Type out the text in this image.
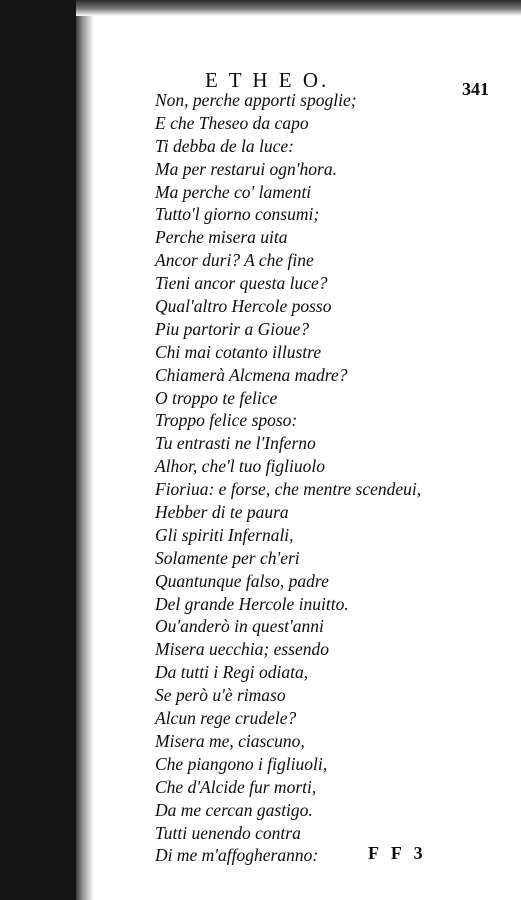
E T H E O.	341
Non, perche apporti spoglie;
E che Theseo da capo
Ti debba de la luce:
Ma per restarui ogn'hora.
Ma perche co' lamenti
Tutto'l giorno consumi;
Perche misera uita
Ancor duri? A che fine
Tieni ancor questa luce?
Qual'altro Hercole posso
Piu partorir a Gioue?
Chi mai cotanto illustre
Chiamerà Alcmena madre?
O troppo te felice
Troppo felice sposo:
Tu entrasti ne l'Inferno
Alhor, che'l tuo figliuolo
Fioriua: e forse, che mentre scendeui,
Hebber di te paura
Gli spiriti Infernali,
Solamente per ch'eri
Quantunque falso, padre
Del grande Hercole inuitto.
Ou'anderò in quest'anni
Misera uecchia; essendo
Da tutti i Regi odiata,
Se però u'è rimaso
Alcun rege crudele?
Misera me, ciascuno,
Che piangono i figliuoli,
Che d'Alcide fur morti,
Da me cercan gastigo.
Tutti uenendo contra
Di me m'affogheranno:	F F 3
